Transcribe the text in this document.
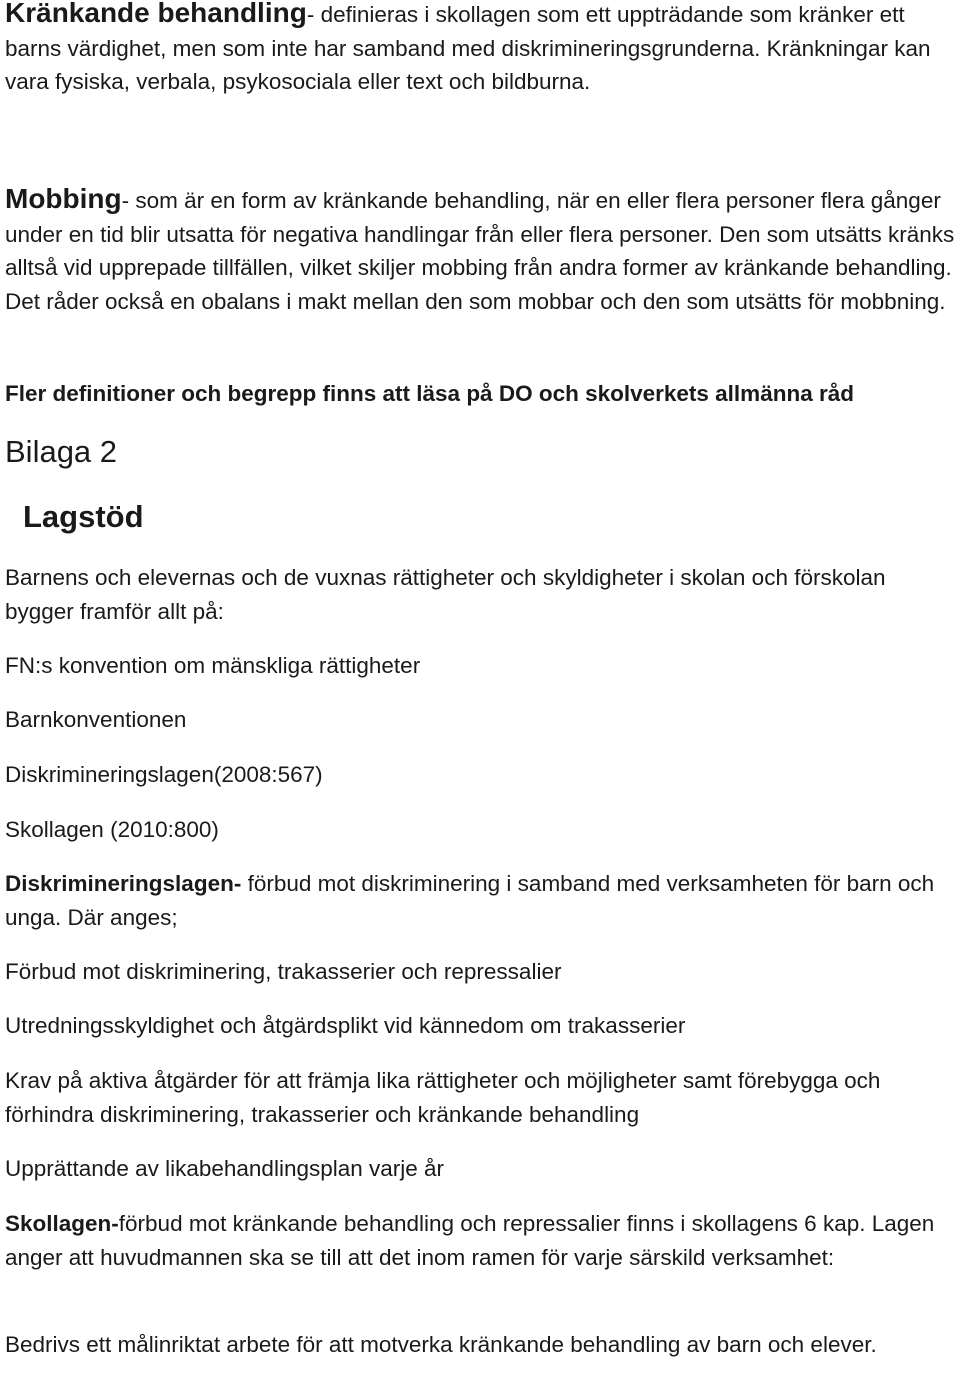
Kränkande behandling- definieras i skollagen som ett uppträdande som kränker ett barns värdighet, men som inte har samband med diskrimineringsgrunderna. Kränkningar kan vara fysiska, verbala, psykosociala eller text och bildburna.

Mobbing- som är en form av kränkande behandling, när en eller flera personer flera gånger under en tid blir utsatta för negativa handlingar från eller flera personer. Den som utsätts kränks alltså vid upprepade tillfällen, vilket skiljer mobbing från andra former av kränkande behandling. Det råder också en obalans i makt mellan den som mobbar och den som utsätts för mobbning.

Fler definitioner och begrepp finns att läsa på DO och skolverkets allmänna råd

Bilaga 2
Lagstöd

Barnens och elevernas och de vuxnas rättigheter och skyldigheter i skolan och förskolan bygger framför allt på:

FN:s konvention om mänskliga rättigheter

Barnkonventionen

Diskrimineringslagen(2008:567)

Skollagen (2010:800)

Diskrimineringslagen- förbud mot diskriminering i samband med verksamheten för barn och unga. Där anges;

Förbud mot diskriminering, trakasserier och repressalier

Utredningsskyldighet och åtgärdsplikt vid kännedom om trakasserier

Krav på aktiva åtgärder för att främja lika rättigheter och möjligheter samt förebygga och förhindra diskriminering, trakasserier och kränkande behandling

Upprättande av likabehandlingsplan varje år

Skollagen-förbud mot kränkande behandling och repressalier finns i skollagens 6 kap. Lagen anger att huvudmannen ska se till att det inom ramen för varje särskild verksamhet:

Bedrivs ett målinriktat arbete för att motverka kränkande behandling av barn och elever.
